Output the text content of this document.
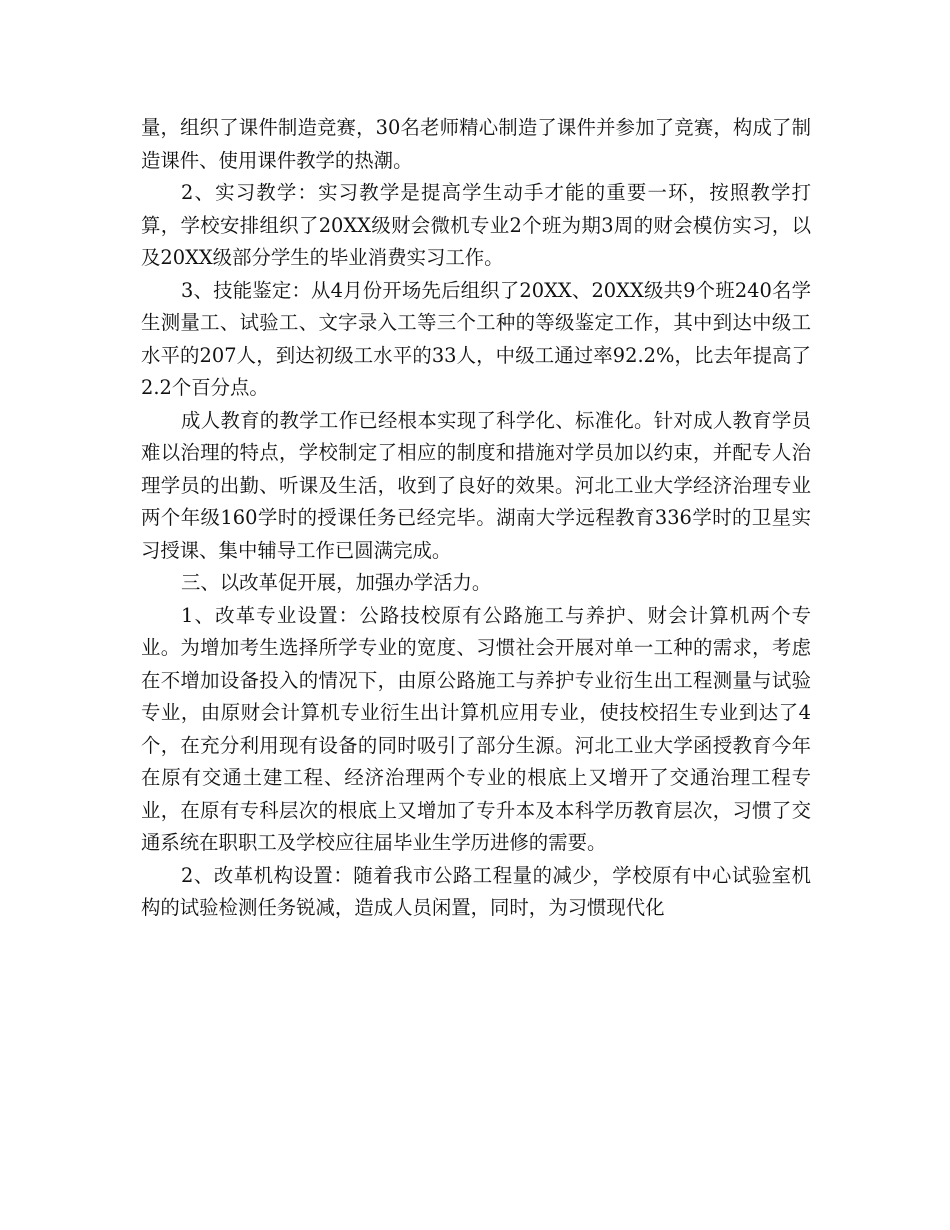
量，组织了课件制造竞赛，30名老师精心制造了课件并参加了竞赛，构成了制造课件、使用课件教学的热潮。

2、实习教学：实习教学是提高学生动手才能的重要一环，按照教学打算，学校安排组织了20XX级财会微机专业2个班为期3周的财会模仿实习，以及20XX级部分学生的毕业消费实习工作。

3、技能鉴定：从4月份开场先后组织了20XX、20XX级共9个班240名学生测量工、试验工、文字录入工等三个工种的等级鉴定工作，其中到达中级工水平的207人，到达初级工水平的33人，中级工通过率92.2%，比去年提高了2.2个百分点。

成人教育的教学工作已经根本实现了科学化、标准化。针对成人教育学员难以治理的特点，学校制定了相应的制度和措施对学员加以约束，并配专人治理学员的出勤、听课及生活，收到了良好的效果。河北工业大学经济治理专业两个年级160学时的授课任务已经完毕。湖南大学远程教育336学时的卫星实习授课、集中辅导工作已圆满完成。

三、以改革促开展，加强办学活力。

1、改革专业设置：公路技校原有公路施工与养护、财会计算机两个专业。为增加考生选择所学专业的宽度、习惯社会开展对单一工种的需求，考虑在不增加设备投入的情况下，由原公路施工与养护专业衍生出工程测量与试验专业，由原财会计算机专业衍生出计算机应用专业，使技校招生专业到达了4个，在充分利用现有设备的同时吸引了部分生源。河北工业大学函授教育今年在原有交通土建工程、经济治理两个专业的根底上又增开了交通治理工程专业，在原有专科层次的根底上又增加了专升本及本科学历教育层次，习惯了交通系统在职职工及学校应往届毕业生学历进修的需要。

2、改革机构设置：随着我市公路工程量的减少，学校原有中心试验室机构的试验检测任务锐减，造成人员闲置，同时，为习惯现代化
